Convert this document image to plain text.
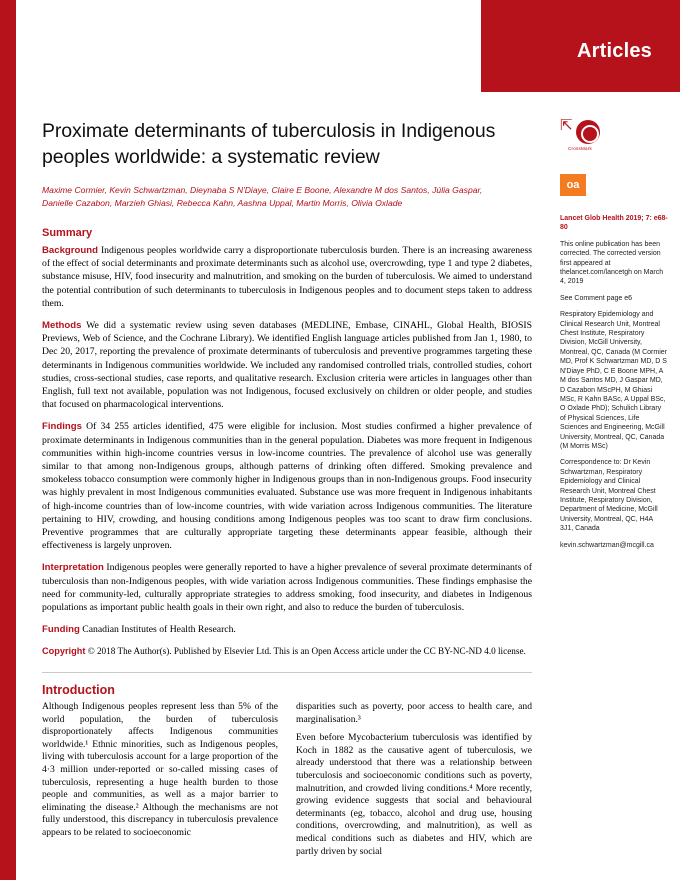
Articles
Proximate determinants of tuberculosis in Indigenous peoples worldwide: a systematic review
Maxime Cormier, Kevin Schwartzman, Dieynaba S N'Diaye, Claire E Boone, Alexandre M dos Santos, Júlia Gaspar, Danielle Cazabon, Marzieh Ghiasi, Rebecca Kahn, Aashna Uppal, Martin Morris, Olivia Oxlade
Summary

Background Indigenous peoples worldwide carry a disproportionate tuberculosis burden. There is an increasing awareness of the effect of social determinants and proximate determinants such as alcohol use, overcrowding, type 1 and type 2 diabetes, substance misuse, HIV, food insecurity and malnutrition, and smoking on the burden of tuberculosis. We aimed to understand the potential contribution of such determinants to tuberculosis in Indigenous peoples and to document steps taken to address them.

Methods We did a systematic review using seven databases (MEDLINE, Embase, CINAHL, Global Health, BIOSIS Previews, Web of Science, and the Cochrane Library). We identified English language articles published from Jan 1, 1980, to Dec 20, 2017, reporting the prevalence of proximate determinants of tuberculosis and preventive programmes targeting these determinants in Indigenous communities worldwide. We included any randomised controlled trials, controlled studies, cohort studies, cross-sectional studies, case reports, and qualitative research. Exclusion criteria were articles in languages other than English, full text not available, population was not Indigenous, focused exclusively on children or older people, and studies that focused on pharmacological interventions.

Findings Of 34 255 articles identified, 475 were eligible for inclusion. Most studies confirmed a higher prevalence of proximate determinants in Indigenous communities than in the general population. Diabetes was more frequent in Indigenous communities within high-income countries versus in low-income countries. The prevalence of alcohol use was generally similar to that among non-Indigenous groups, although patterns of drinking often differed. Smoking prevalence and smokeless tobacco consumption were commonly higher in Indigenous groups than in non-Indigenous groups. Food insecurity was highly prevalent in most Indigenous communities evaluated. Substance use was more frequent in Indigenous inhabitants of high-income countries than of low-income countries, with wide variation across Indigenous communities. The literature pertaining to HIV, crowding, and housing conditions among Indigenous peoples was too scant to draw firm conclusions. Preventive programmes that are culturally appropriate targeting these determinants appear feasible, although their effectiveness is largely unproven.

Interpretation Indigenous peoples were generally reported to have a higher prevalence of several proximate determinants of tuberculosis than non-Indigenous peoples, with wide variation across Indigenous communities. These findings emphasise the need for community-led, culturally appropriate strategies to address smoking, food insecurity, and diabetes in Indigenous populations as important public health goals in their own right, and also to reduce the burden of tuberculosis.

Funding Canadian Institutes of Health Research.

Copyright © 2018 The Author(s). Published by Elsevier Ltd. This is an Open Access article under the CC BY-NC-ND 4.0 license.

Introduction

Although Indigenous peoples represent less than 5% of the world population, the burden of tuberculosis disproportionately affects Indigenous communities worldwide.¹ Ethnic minorities, such as Indigenous peoples, living with tuberculosis account for a large proportion of the 4·3 million under-reported or so-called missing cases of tuberculosis, representing a huge health burden to those people and communities, as well as a major barrier to eliminating the disease.² Although the mechanisms are not fully understood, this discrepancy in tuberculosis prevalence appears to be related to socioeconomic

disparities such as poverty, poor access to health care, and marginalisation.³

Even before Mycobacterium tuberculosis was identified by Koch in 1882 as the causative agent of tuberculosis, we already understood that there was a relationship between tuberculosis and socioeconomic conditions such as poverty, malnutrition, and crowded living conditions.⁴ More recently, growing evidence suggests that social and behavioural determinants (eg, tobacco, alcohol and drug use, housing conditions, overcrowding, and malnutrition), as well as medical conditions such as diabetes and HIV, which are partly driven by social

⇱
CrossMark
oa
Lancet Glob Health 2019; 7: e68-80
This online publication has been corrected. The corrected version first appeared at thelancet.com/lancetgh on March 4, 2019
See Comment page e6
Respiratory Epidemiology and Clinical Research Unit, Montreal Chest Institute, Respiratory Division, McGill University, Montreal, QC, Canada (M Cormier MD, Prof K Schwartzman MD, D S N'Diaye PhD, C E Boone MPH, A M dos Santos MD, J Gaspar MD, D Cazabon MScPH, M Ghiasi MSc, R Kahn BASc, A Uppal BSc, O Oxlade PhD); Schulich Library of Physical Sciences, Life Sciences and Engineering, McGill University, Montreal, QC, Canada (M Morris MSc)
Correspondence to: Dr Kevin Schwartzman, Respiratory Epidemiology and Clinical Research Unit, Montreal Chest Institute, Respiratory Division, Department of Medicine, McGill University, Montreal, QC, H4A 3J1, Canada
kevin.schwartzman@mcgill.ca
